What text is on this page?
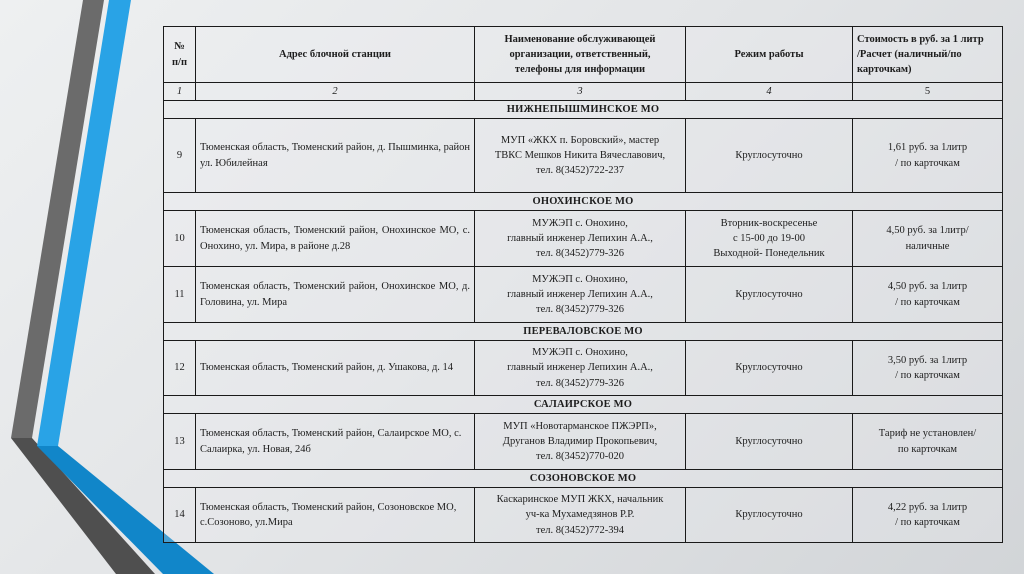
№
п/п	Адрес блочной станции	Наименование обслуживающей
организации, ответственный,
телефоны для информации	Режим работы	Стоимость в руб. за 1 литр
/Расчет (наличный/по
карточкам)

1	2	3	4	5
НИЖНЕПЫШМИНСКОЕ МО				
9	Тюменская область, Тюменский район, д. Пышминка, район ул. Юбилейная	МУП «ЖКХ п. Боровский», мастер
ТВКС Мешков Никита Вячеславович,
тел. 8(3452)722-237	Круглосуточно	1,61 руб. за 1литр
/ по карточкам

ОНОХИНСКОЕ МО				
10	Тюменская область, Тюменский район, Онохинское МО, с. Онохино, ул. Мира, в районе д.28	МУЖЭП с. Онохино,
главный инженер Лепихин А.А.,
тел. 8(3452)779-326	Вторник-воскресенье
с 15-00 до 19-00
Выходной- Понедельник	4,50 руб. за 1литр/
наличные

11	Тюменская область, Тюменский район, Онохинское МО, д. Головина, ул. Мира	МУЖЭП с. Онохино,
главный инженер Лепихин А.А.,
тел. 8(3452)779-326	Круглосуточно	4,50 руб. за 1литр
/ по карточкам

ПЕРЕВАЛОВСКОЕ МО				
12	Тюменская область, Тюменский район, д. Ушакова, д. 14	МУЖЭП с. Онохино,
главный инженер Лепихин А.А.,
тел. 8(3452)779-326	Круглосуточно	3,50 руб. за 1литр
/ по карточкам

САЛАИРСКОЕ МО				
13	Тюменская область, Тюменский район, Салаирское МО, с. Салаирка, ул. Новая, 24б	МУП «Новотарманское ПЖЭРП»,
Друганов Владимир Прокопьевич,
тел. 8(3452)770-020	Круглосуточно	Тариф не установлен/
по карточкам

СОЗОНОВСКОЕ МО				
14	Тюменская область, Тюменский район, Созоновское МО, с.Созоново, ул.Мира	Каскаринское МУП ЖКХ, начальник
уч-ка Мухамедзянов Р.Р.
тел. 8(3452)772-394	Круглосуточно	4,22 руб. за 1литр
/ по карточкам
